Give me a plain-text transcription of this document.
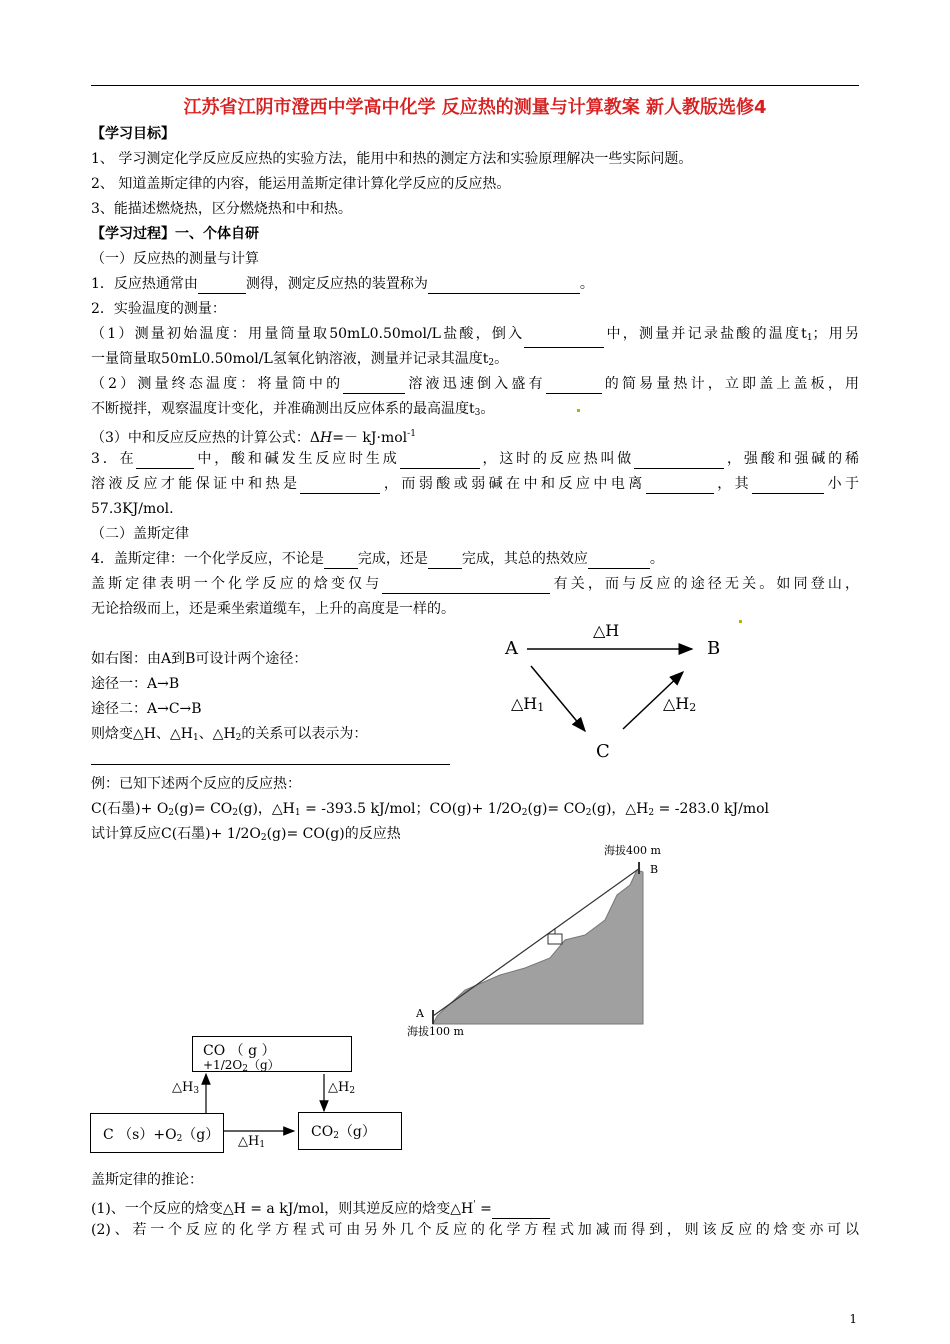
江苏省江阴市澄西中学高中化学 反应热的测量与计算教案 新人教版选修4
【学习目标】
1、 学习测定化学反应反应热的实验方法，能用中和热的测定方法和实验原理解决一些实际问题。
2、 知道盖斯定律的内容，能运用盖斯定律计算化学反应的反应热。
3、能描述燃烧热，区分燃烧热和中和热。
【学习过程】一、个体自研
（一）反应热的测量与计算
1．反应热通常由	测得，测定反应热的装置称为	。
2．实验温度的测量：
（1）测量初始温度：用量筒量取50mL0.50mol/L盐酸，倒入	中，测量并记录盐酸的温度$t_1$；用另
一量筒量取50mL0.50mol/L氢氧化钠溶液，测量并记录其温度$t_2$。
（2）测量终态温度：将量筒中的	溶液迅速倒入盛有	的简易量热计，立即盖上盖板，用
不断搅拌，观察温度计变化，并准确测出反应体系的最高温度$t_3$。
（3）中和反应反应热的计算公式：ΔH=－ kJ·mol$^{-1}$
3．在	中，酸和碱发生反应时生成	，这时的反应热叫做	，强酸和强碱的稀
溶液反应才能保证中和热是	，而弱酸或弱碱在中和反应中电离	，其	小于
57.3KJ/mol.
（二）盖斯定律
4．盖斯定律：一个化学反应，不论是 完成，还是 完成，其总的热效应	。
盖斯定律表明一个化学反应的焓变仅与	有关，而与反应的途径无关。如同登山，
无论拾级而上，还是乘坐索道缆车，上升的高度是一样的。
如右图：由A到B可设计两个途径：
途径一：A→B
途径二：A→C→B
则焓变△H、$\triangle H_1$、$\triangle H_2$的关系可以表示为：
A	B
C
△H
△H1	△H2
例：已知下述两个反应的反应热：
C(石墨)+ $O_2(g)= CO_2(g)$，$\triangle H_1 = -393.5$ kJ/mol；$CO(g)+ 1/2O_2(g)= CO_2(g)$，$\triangle H_2 = -283.0$ kJ/mol
试计算反应C(石墨)+ $1/2O_2(g)= CO(g)$的反应热
海拔400 m
海拔100 m
A
B
CO （ g ）
$+1/2O_2(g)$
C $(s)+O_2(g)$	$CO_2(g)$
$\triangle H_3$	$\triangle H_2$
$\triangle H_1$
盖斯定律的推论：
(1)、一个反应的焓变△H = a kJ/mol，则其逆反应的焓变△H' =
(2)、若一个反应的化学方程式可由另外几个反应的化学方程式加减而得到，则该反应的焓变亦可以
1
